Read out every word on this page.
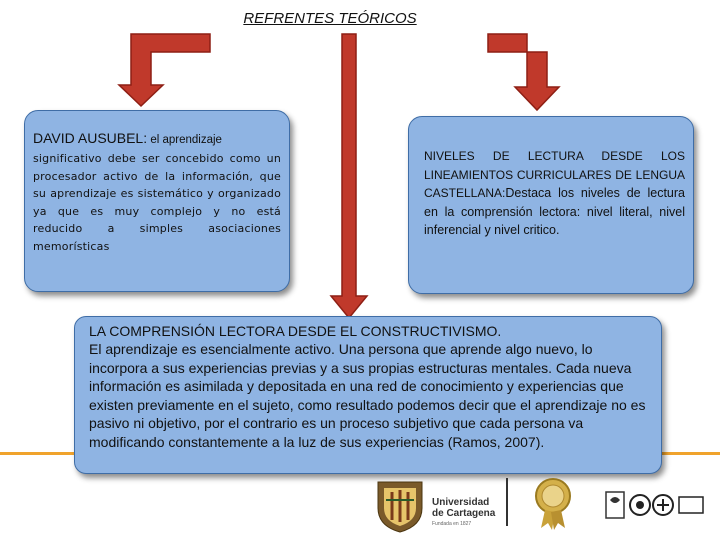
REFRENTES TEÓRICOS
DAVID AUSUBEL: el aprendizaje
significativo debe ser concebido como un procesador activo de la información, que su aprendizaje es sistemático y organizado ya que es muy complejo y no está reducido a simples asociaciones memorísticas
NIVELES DE LECTURA DESDE LOS LINEAMIENTOS CURRICULARES DE LENGUA CASTELLANA:Destaca los niveles de lectura en la comprensión lectora: nivel literal, nivel inferencial y nivel critico.
LA COMPRENSIÓN LECTORA DESDE EL CONSTRUCTIVISMO.
El aprendizaje es esencialmente activo. Una persona que aprende algo nuevo, lo incorpora a sus experiencias previas y a sus propias estructuras mentales. Cada nueva información es asimilada y depositada en una red de conocimiento y experiencias que existen previamente en el sujeto, como resultado podemos decir que el aprendizaje no es pasivo ni objetivo, por el contrario es un proceso subjetivo que cada persona va modificando constantemente a la luz de sus experiencias (Ramos, 2007).
Universidad de Cartagena
Fundada en 1827
